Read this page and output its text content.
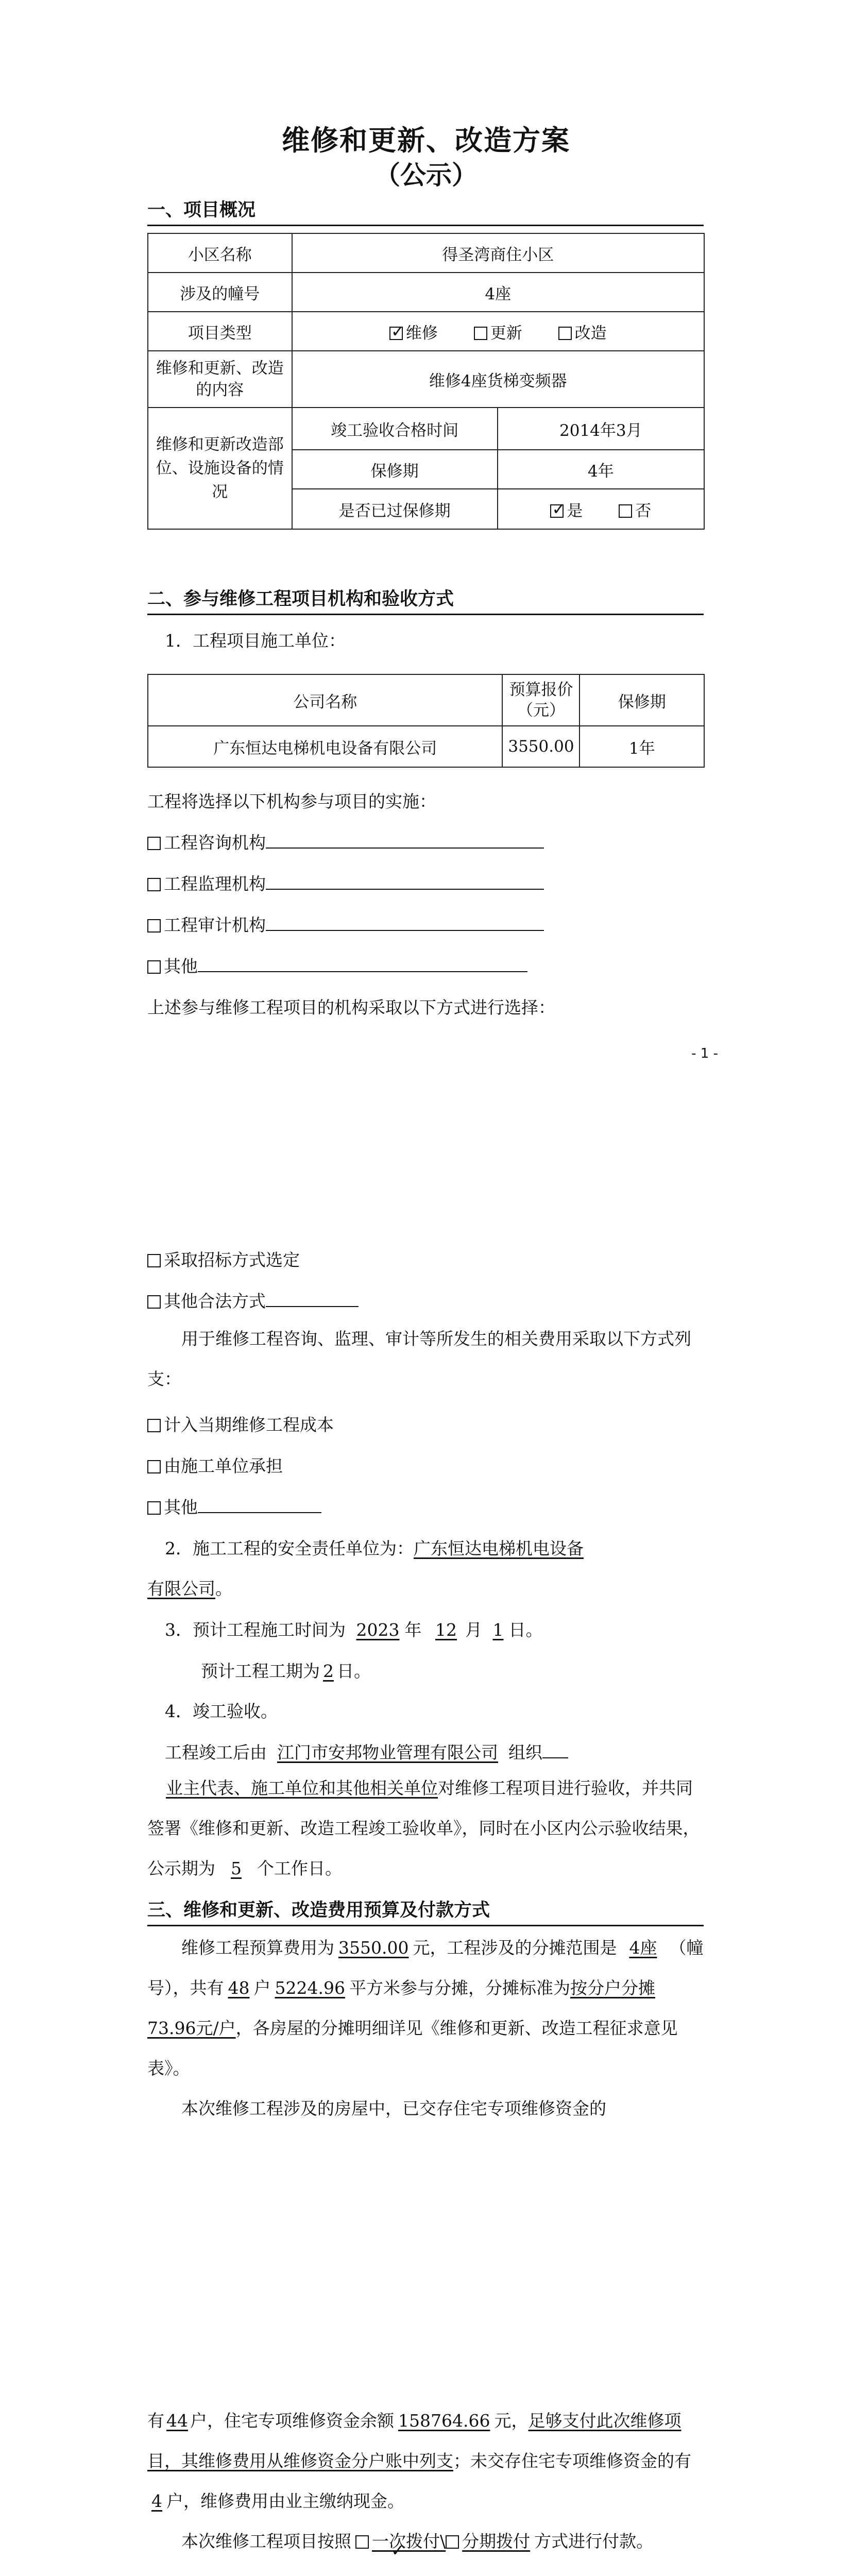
维修和更新、改造方案
（公示）
一、项目概况
小区名称	得圣湾商住小区	
涉及的幢号	4座	
项目类型	✓维修 更新 改造
维修和更新、改造的内容	维修4座货梯变频器	
维修和更新改造部位、设施设备的情况	竣工验收合格时间	2014年3月
	保修期	4年
	是否已过保修期	✓是 否
二、参与维修工程项目机构和验收方式
1．工程项目施工单位：
公司名称	预算报价（元）	保修期
广东恒达电梯机电设备有限公司	3550.00	1年
工程将选择以下机构参与项目的实施：
工程咨询机构
工程监理机构
工程审计机构
其他
上述参与维修工程项目的机构采取以下方式进行选择：
- 1 -
采取招标方式选定
其他合法方式
用于维修工程咨询、监理、审计等所发生的相关费用采取以下方式列支：
计入当期维修工程成本
由施工单位承担
其他
2．施工工程的安全责任单位为：广东恒达电梯机电设备
有限公司。
3．预计工程施工时间为 2023 年 12 月 1 日。
预计工程工期为 2 日。
4．竣工验收。
工程竣工后由 江门市安邦物业管理有限公司 组织
业主代表、施工单位和其他相关单位对维修工程项目进行验收，并共同签署《维修和更新、改造工程竣工验收单》，同时在小区内公示验收结果，公示期为 5 个工作日。
三、维修和更新、改造费用预算及付款方式
维修工程预算费用为 3550.00 元，工程涉及的分摊范围是 4座 （幢号），共有 48 户 5224.96 平方米参与分摊，分摊标准为按分户分摊73.96元/户，各房屋的分摊明细详见《维修和更新、改造工程征求意见表》。
本次维修工程涉及的房屋中，已交存住宅专项维修资金的
有 44 户，住宅专项维修资金余额 158764.66 元，足够支付此次维修项目，其维修费用从维修资金分户账中列支；未交存住宅专项维修资金的有4 户，维修费用由业主缴纳现金。
本次维修工程项目按照 ✓ 一次拨付\ 分期拨付 方式进行付款。
